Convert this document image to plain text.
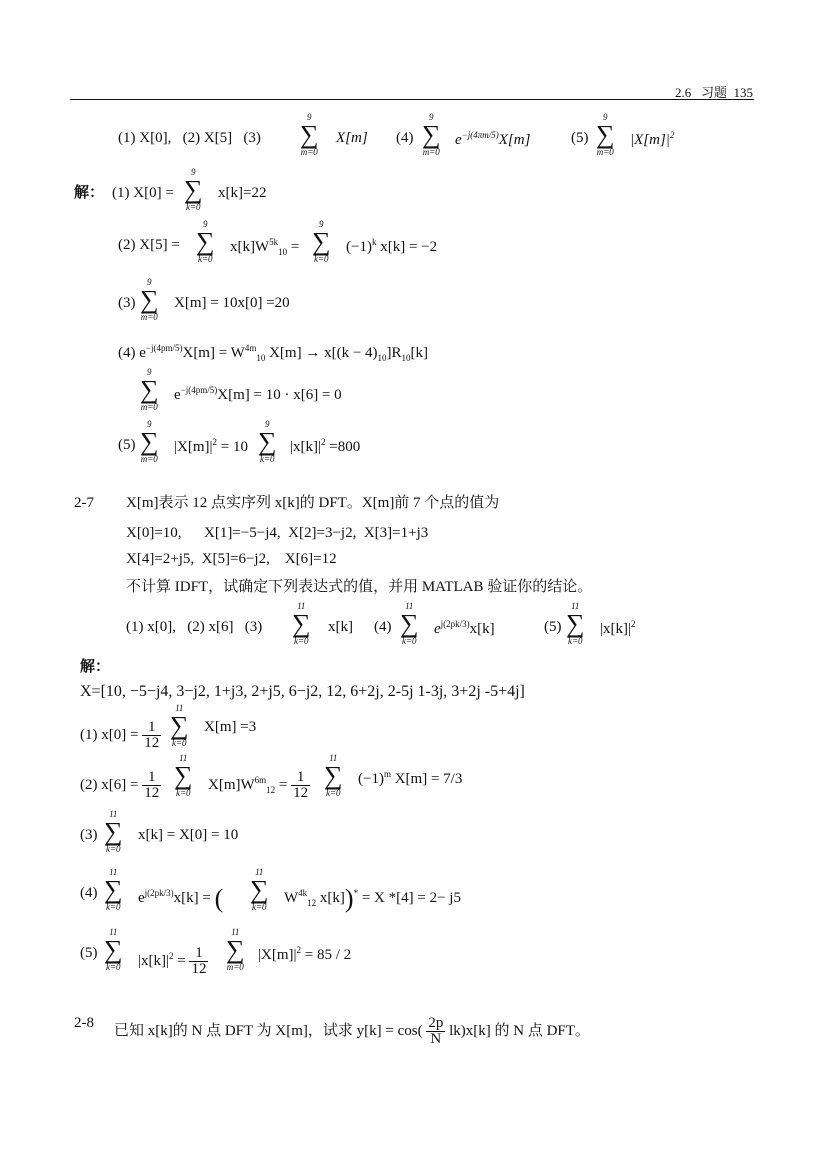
2.6 习题 135
(1) X[0], (2) X[5] (3)
9
∑
m=0
X[m] (4)
9
∑
m=0
$e^{-j(4\pi m/5)}X[m]$	(5)
9
∑
m=0
$|X[m]|^2$
解： (1) X[0] =
9
∑
k=0
x[k]=22
(2) X[5] =
9
∑
k=0
$x[k]W^{5k}_{10}$ =
9
∑
k=0
$(-1)^k$ x[k] = −2
(3)
9
∑
m=0
X[m] = 10x[0] =20
(4) $e^{-j(4pm/5)}X[m] = W^{4m}_{10}$ $X[m] \to x[(k - 4)_{10}]R_{10}[k]$
9
∑
m=0
$e^{-j(4pm/5)}X[m] = 10 \cdot x[6] = 0$
(5)
9
∑
m=0
$|X[m]|^2 = 10$
9
∑
k=0
$|x[k]|^2 =800$
2-7 X[m]表示 12 点实序列 x[k]的 DFT。X[m]前 7 个点的值为
X[0]=10, X[1]=−5−j4, X[2]=3−j2, X[3]=1+j3
X[4]=2+j5, X[5]=6−j2, X[6]=12
不计算 IDFT，试确定下列表达式的值，并用 MATLAB 验证你的结论。
(1) x[0], (2) x[6] (3)
11
∑
k=0
x[k] (4)
11
∑
k=0
$e^{j(2pk/3)}x[k]$	(5)
11
∑
k=0
$|x[k]|^2$
解：
X=[10, −5−j4, 3−j2, 1+j3, 2+j5, 6−j2, 12, 6+2j, 2-5j 1-3j, 3+2j -5+4j]
(1) $x[0] = \frac{1}{12}$
11
∑
k=0
X[m] =3
(2) $x[6] = \frac{1}{12}$
11
∑
k=0
$X[m]W^{6m}_{12} = \frac{1}{12}$
11
∑
k=0
$(-1)^m$ X[m] = 7/3
(3)
11
∑
k=0
x[k] = X[0] = 10
(4)
11
∑
k=0
$e^{j(2pk/3)}x[k]$ = (
11
∑
k=0
$W^{4k}_{12}$ x[k])* = X *[4] = 2− j5
(5)
11
∑
k=0 $|x[k]|^2 = \frac{1}{12}$
11
∑
m=0
$|X[m]|^2 = 85 / 2$
2-8 已知 x[k]的 N 点 DFT 为 X[m]，试求 $y[k] = \cos( \frac{2p}{N} lk)x[k]$ 的 N 点 DFT。
